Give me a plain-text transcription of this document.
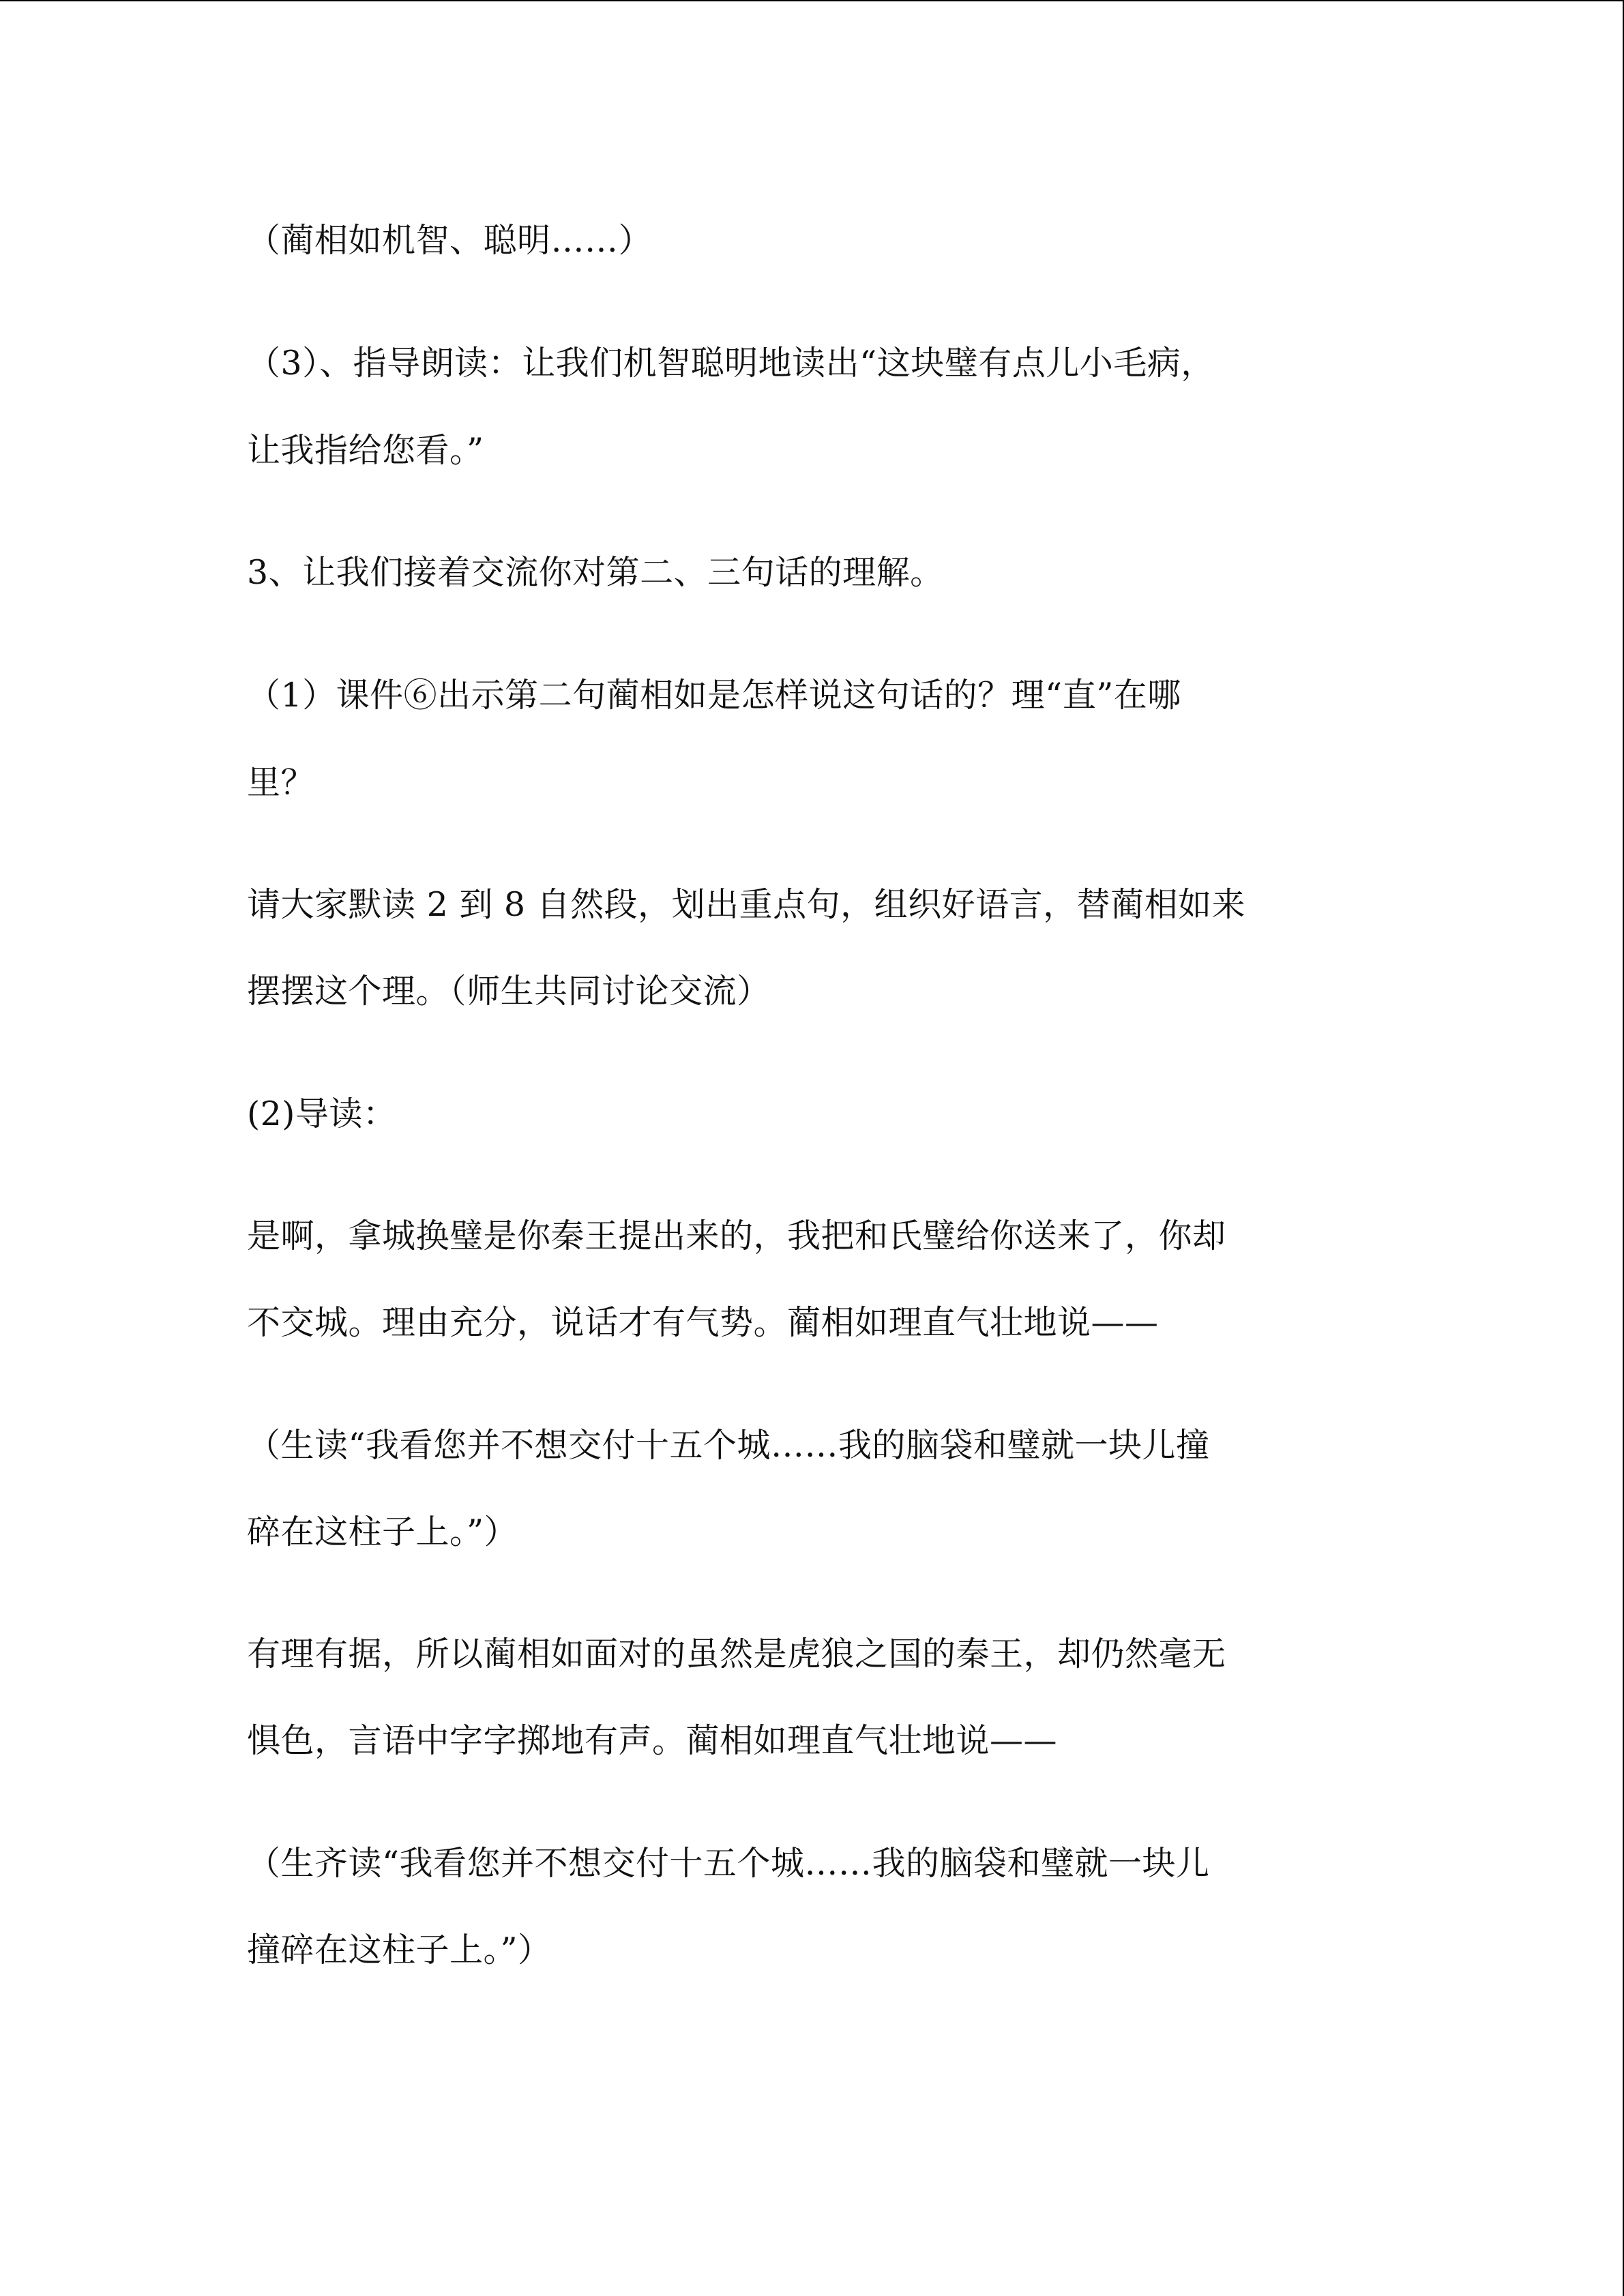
（蔺相如机智、聪明……）

（3）、指导朗读：让我们机智聪明地读出“这块璧有点儿小毛病，

让我指给您看。”

3、让我们接着交流你对第二、三句话的理解。

（1）课件⑥出示第二句蔺相如是怎样说这句话的？理“直”在哪

里？

请大家默读 2 到 8 自然段，划出重点句，组织好语言，替蔺相如来

摆摆这个理。（师生共同讨论交流）

(2)导读：

是啊，拿城换璧是你秦王提出来的，我把和氏璧给你送来了，你却

不交城。理由充分，说话才有气势。蔺相如理直气壮地说——

（生读“我看您并不想交付十五个城……我的脑袋和璧就一块儿撞

碎在这柱子上。”）

有理有据，所以蔺相如面对的虽然是虎狼之国的秦王，却仍然毫无

惧色，言语中字字掷地有声。蔺相如理直气壮地说——

（生齐读“我看您并不想交付十五个城……我的脑袋和璧就一块儿

撞碎在这柱子上。”）
